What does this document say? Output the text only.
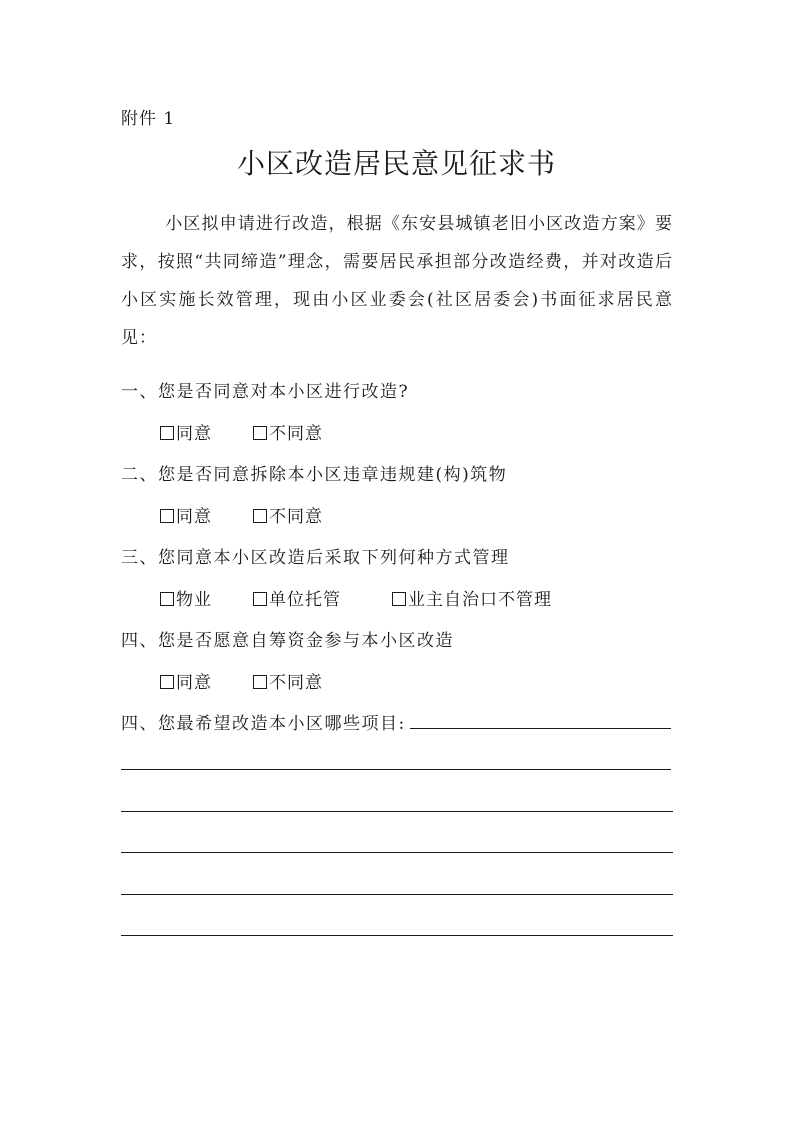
附件 1
小区改造居民意见征求书
小区拟申请进行改造，根据《东安县城镇老旧小区改造方案》要求，按照“共同缔造”理念，需要居民承担部分改造经费，并对改造后小区实施长效管理，现由小区业委会(社区居委会)书面征求居民意见：
一、您是否同意对本小区进行改造?
同意	不同意
二、您是否同意拆除本小区违章违规建(构)筑物
同意	不同意
三、您同意本小区改造后采取下列何种方式管理
物业	单位托管	业主自治口不管理
四、您是否愿意自筹资金参与本小区改造
同意	不同意
四、您最希望改造本小区哪些项目:
